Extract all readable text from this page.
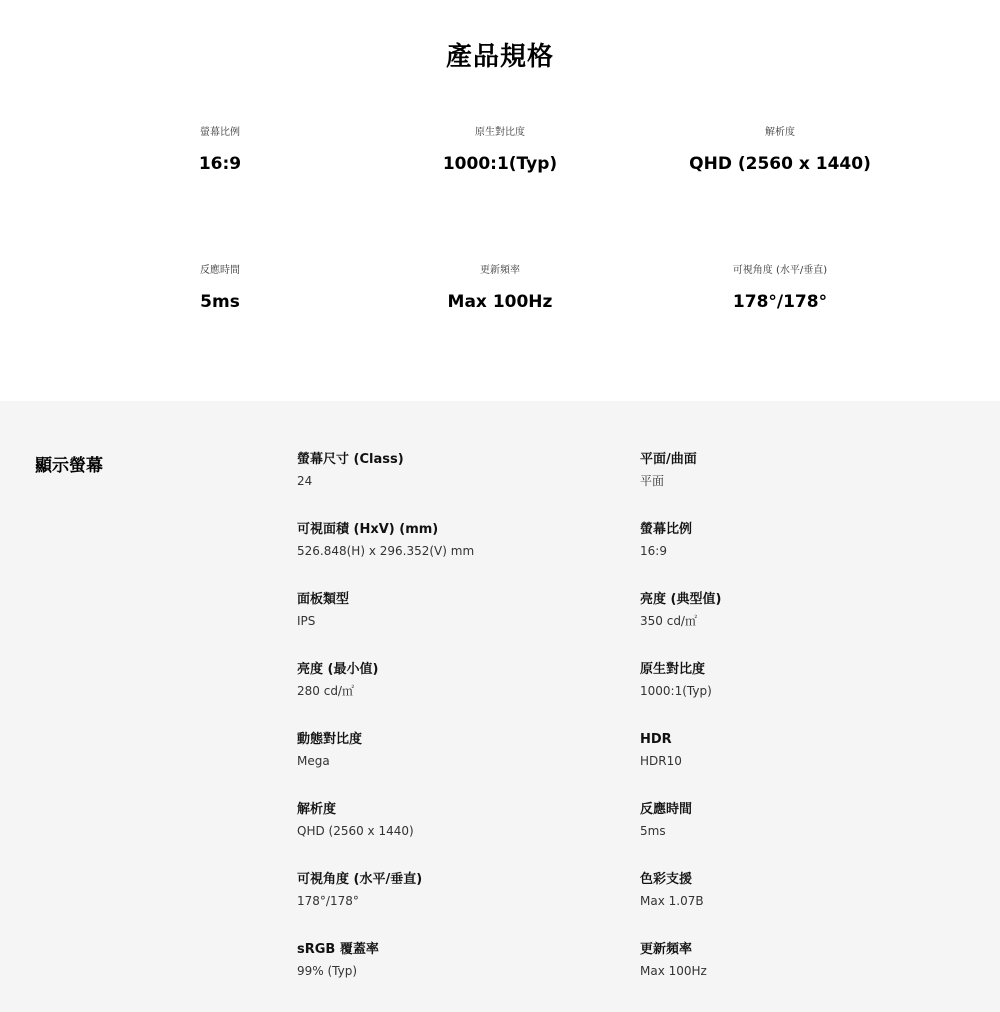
產品規格
螢幕比例
16:9
原生對比度
1000:1(Typ)
解析度
QHD (2560 x 1440)
反應時間
5ms
更新頻率
Max 100Hz
可視角度 (水平/垂直)
178°/178°
顯示螢幕	螢幕尺寸 (Class)
24
平面/曲面
平面
可視面積 (HxV) (mm)
526.848(H) x 296.352(V) mm
螢幕比例
16:9
面板類型
IPS
亮度 (典型值)
350 cd/㎡
亮度 (最小值)
280 cd/㎡
原生對比度
1000:1(Typ)
動態對比度
Mega
HDR
HDR10
解析度
QHD (2560 x 1440)
反應時間
5ms
可視角度 (水平/垂直)
178°/178°
色彩支援
Max 1.07B
sRGB 覆蓋率
99% (Typ)
更新頻率
Max 100Hz
